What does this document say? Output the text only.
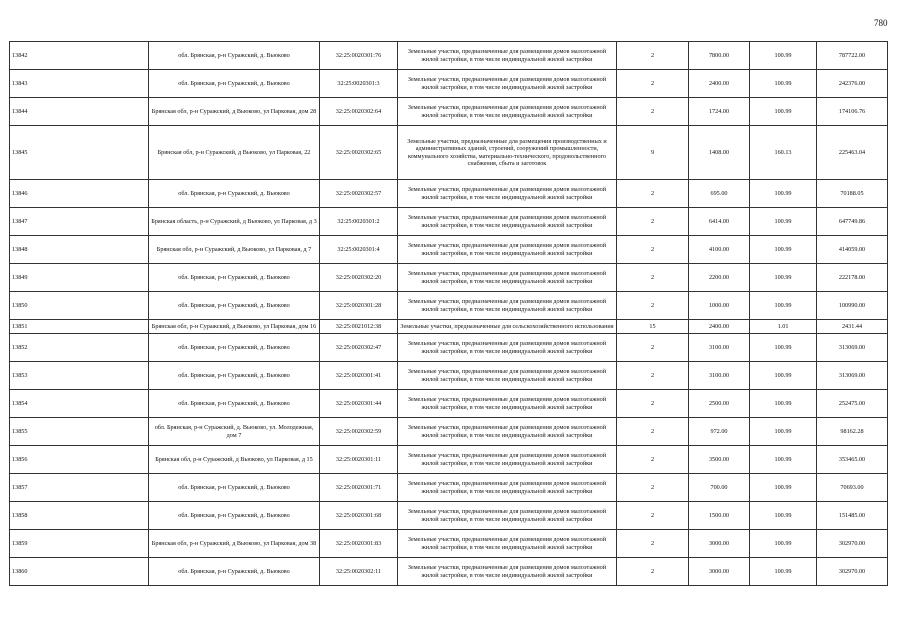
780
13842	обл. Брянская, р-н Суражский, д. Вьюково	32:25:0020301:76	Земельные участки, предназначенные для размещения домов малоэтажной жилой застройки, в том числе индивидуальной жилой застройки	2	7800.00	100.99	787722.00
13843	обл. Брянская, р-н Суражский, д. Вьюково	32:25:0020301:3	Земельные участки, предназначенные для размещения домов малоэтажной жилой застройки, в том числе индивидуальной жилой застройки	2	2400.00	100.99	242376.00
13844	Брянская обл, р-н Суражский, д Вьюково, ул Парковая, дом 28	32:25:0020302:64	Земельные участки, предназначенные для размещения домов малоэтажной жилой застройки, в том числе индивидуальной жилой застройки	2	1724.00	100.99	174106.76
13845	Брянская обл, р-н Суражский, д Вьюково, ул Парковая, 22	32:25:0020302:65	Земельные участки, предназначенные для размещения производственных и административных зданий, строений, сооружений промышленности, коммунального хозяйства, материально-технического, продовольственного снабжения, сбыта и заготовок	9	1408.00	160.13	225463.04
13846	обл. Брянская, р-н Суражский, д. Вьюково	32:25:0020302:57	Земельные участки, предназначенные для размещения домов малоэтажной жилой застройки, в том числе индивидуальной жилой застройки	2	695.00	100.99	70188.05
13847	Брянская область, р-н Суражский, д Вьюково, ул Парковая, д 3	32:25:0020301:2	Земельные участки, предназначенные для размещения домов малоэтажной жилой застройки, в том числе индивидуальной жилой застройки	2	6414.00	100.99	647749.86
13848	Брянская обл, р-н Суражский, д Вьюково, ул Парковая, д 7	32:25:0020301:4	Земельные участки, предназначенные для размещения домов малоэтажной жилой застройки, в том числе индивидуальной жилой застройки	2	4100.00	100.99	414059.00
13849	обл. Брянская, р-н Суражский, д. Вьюково	32:25:0020302:20	Земельные участки, предназначенные для размещения домов малоэтажной жилой застройки, в том числе индивидуальной жилой застройки	2	2200.00	100.99	222178.00
13850	обл. Брянская, р-н Суражский, д. Вьюково	32:25:0020301:28	Земельные участки, предназначенные для размещения домов малоэтажной жилой застройки, в том числе индивидуальной жилой застройки	2	1000.00	100.99	100990.00
13851	Брянская обл, р-н Суражский, д Вьюково, ул Парковая, дом 16	32:25:0021012:38	Земельные участки, предназначенные для сельскохозяйственного использования	15	2400.00	1.01	2431.44
13852	обл. Брянская, р-н Суражский, д. Вьюково	32:25:0020302:47	Земельные участки, предназначенные для размещения домов малоэтажной жилой застройки, в том числе индивидуальной жилой застройки	2	3100.00	100.99	313069.00
13853	обл. Брянская, р-н Суражский, д. Вьюково	32:25:0020301:41	Земельные участки, предназначенные для размещения домов малоэтажной жилой застройки, в том числе индивидуальной жилой застройки	2	3100.00	100.99	313069.00
13854	обл. Брянская, р-н Суражский, д. Вьюково	32:25:0020301:44	Земельные участки, предназначенные для размещения домов малоэтажной жилой застройки, в том числе индивидуальной жилой застройки	2	2500.00	100.99	252475.00
13855	обл. Брянская, р-н Суражский, д. Вьюково, ул. Молодежная, дом 7	32:25:0020302:59	Земельные участки, предназначенные для размещения домов малоэтажной жилой застройки, в том числе индивидуальной жилой застройки	2	972.00	100.99	98162.28
13856	Брянская обл, р-н Суражский, д Вьюково, ул Парковая, д 15	32:25:0020301:11	Земельные участки, предназначенные для размещения домов малоэтажной жилой застройки, в том числе индивидуальной жилой застройки	2	3500.00	100.99	353465.00
13857	обл. Брянская, р-н Суражский, д. Вьюково	32:25:0020301:71	Земельные участки, предназначенные для размещения домов малоэтажной жилой застройки, в том числе индивидуальной жилой застройки	2	700.00	100.99	70693.00
13858	обл. Брянская, р-н Суражский, д. Вьюково	32:25:0020301:68	Земельные участки, предназначенные для размещения домов малоэтажной жилой застройки, в том числе индивидуальной жилой застройки	2	1500.00	100.99	151485.00
13859	Брянская обл, р-н Суражский, д Вьюково, ул Парковая, дом 38	32:25:0020301:83	Земельные участки, предназначенные для размещения домов малоэтажной жилой застройки, в том числе индивидуальной жилой застройки	2	3000.00	100.99	302970.00
13860	обл. Брянская, р-н Суражский, д. Вьюково	32:25:0020302:11	Земельные участки, предназначенные для размещения домов малоэтажной жилой застройки, в том числе индивидуальной жилой застройки	2	3000.00	100.99	302970.00
